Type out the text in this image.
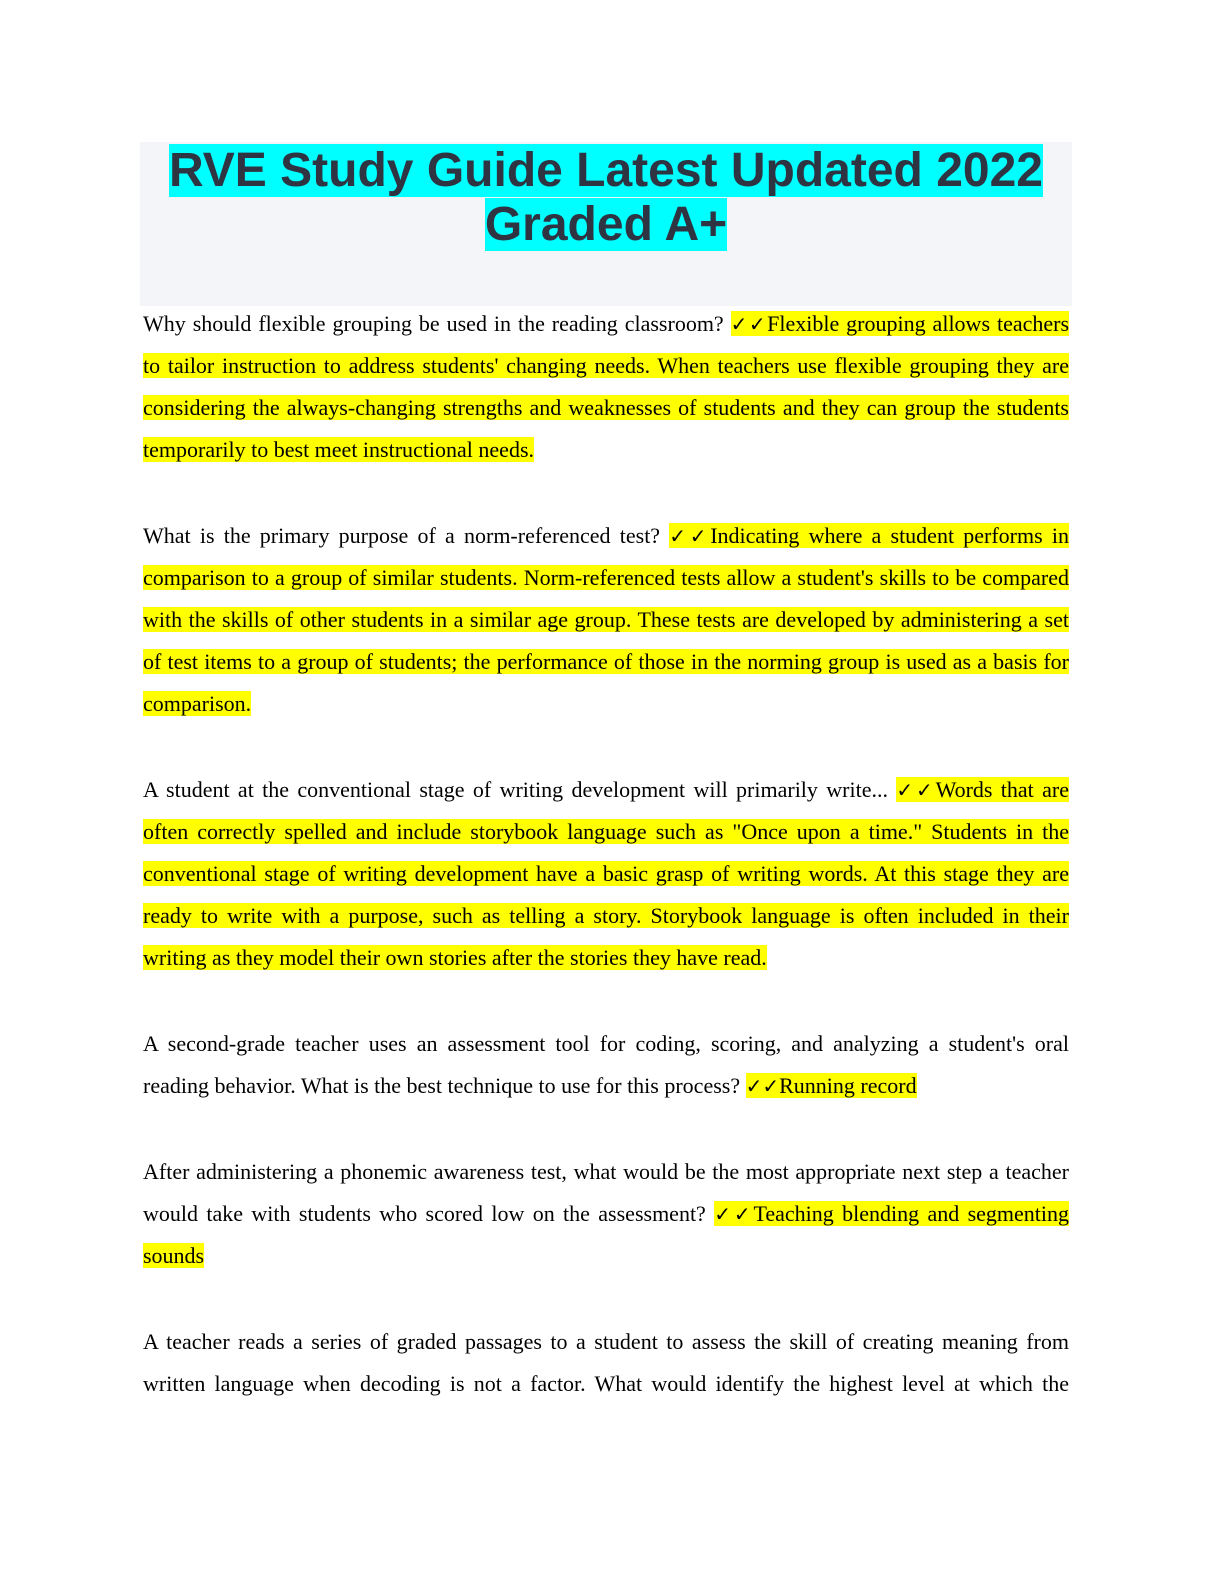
RVE Study Guide Latest Updated 2022
Graded A+

Why should flexible grouping be used in the reading classroom? ✓✓Flexible grouping allows teachers to tailor instruction to address students' changing needs. When teachers use flexible grouping they are considering the always-changing strengths and weaknesses of students and they can group the students temporarily to best meet instructional needs.

What is the primary purpose of a norm-referenced test? ✓✓Indicating where a student performs in comparison to a group of similar students. Norm-referenced tests allow a student's skills to be compared with the skills of other students in a similar age group. These tests are developed by administering a set of test items to a group of students; the performance of those in the norming group is used as a basis for comparison.

A student at the conventional stage of writing development will primarily write... ✓✓Words that are often correctly spelled and include storybook language such as "Once upon a time." Students in the conventional stage of writing development have a basic grasp of writing words. At this stage they are ready to write with a purpose, such as telling a story. Storybook language is often included in their writing as they model their own stories after the stories they have read.

A second-grade teacher uses an assessment tool for coding, scoring, and analyzing a student's oral reading behavior. What is the best technique to use for this process? ✓✓Running record

After administering a phonemic awareness test, what would be the most appropriate next step a teacher would take with students who scored low on the assessment? ✓✓Teaching blending and segmenting sounds

A teacher reads a series of graded passages to a student to assess the skill of creating meaning from written language when decoding is not a factor. What would identify the highest level at which the
